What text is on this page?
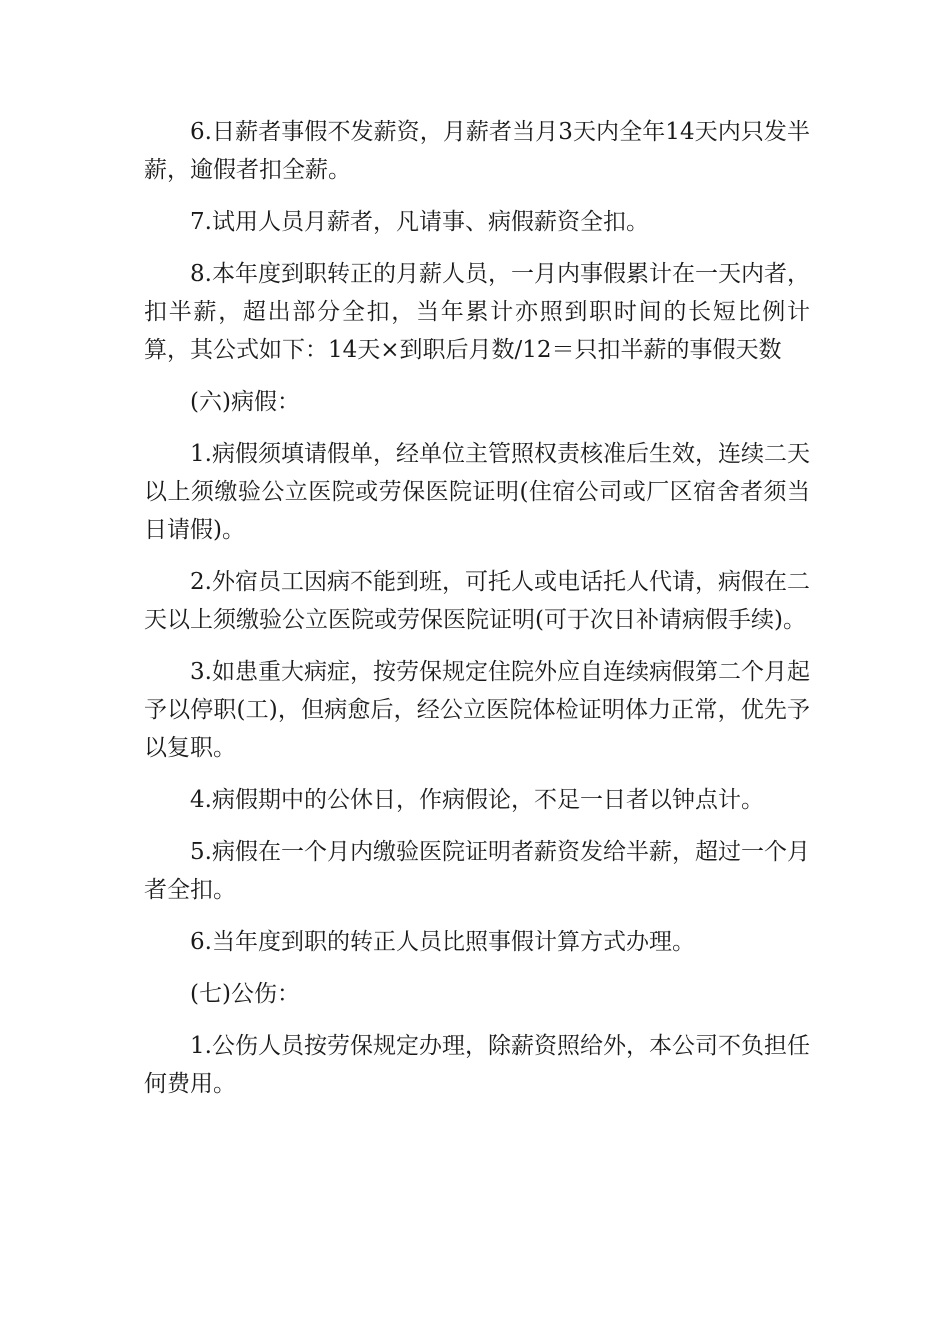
6.日薪者事假不发薪资，月薪者当月3天内全年14天内只发半薪，逾假者扣全薪。

7.试用人员月薪者，凡请事、病假薪资全扣。

8.本年度到职转正的月薪人员，一月内事假累计在一天内者，扣半薪，超出部分全扣，当年累计亦照到职时间的长短比例计算，其公式如下：14天×到职后月数/12＝只扣半薪的事假天数

(六)病假：

1.病假须填请假单，经单位主管照权责核准后生效，连续二天以上须缴验公立医院或劳保医院证明(住宿公司或厂区宿舍者须当日请假)。

2.外宿员工因病不能到班，可托人或电话托人代请，病假在二天以上须缴验公立医院或劳保医院证明(可于次日补请病假手续)。

3.如患重大病症，按劳保规定住院外应自连续病假第二个月起予以停职(工)，但病愈后，经公立医院体检证明体力正常，优先予以复职。

4.病假期中的公休日，作病假论，不足一日者以钟点计。

5.病假在一个月内缴验医院证明者薪资发给半薪，超过一个月者全扣。

6.当年度到职的转正人员比照事假计算方式办理。

(七)公伤：

1.公伤人员按劳保规定办理，除薪资照给外，本公司不负担任何费用。
